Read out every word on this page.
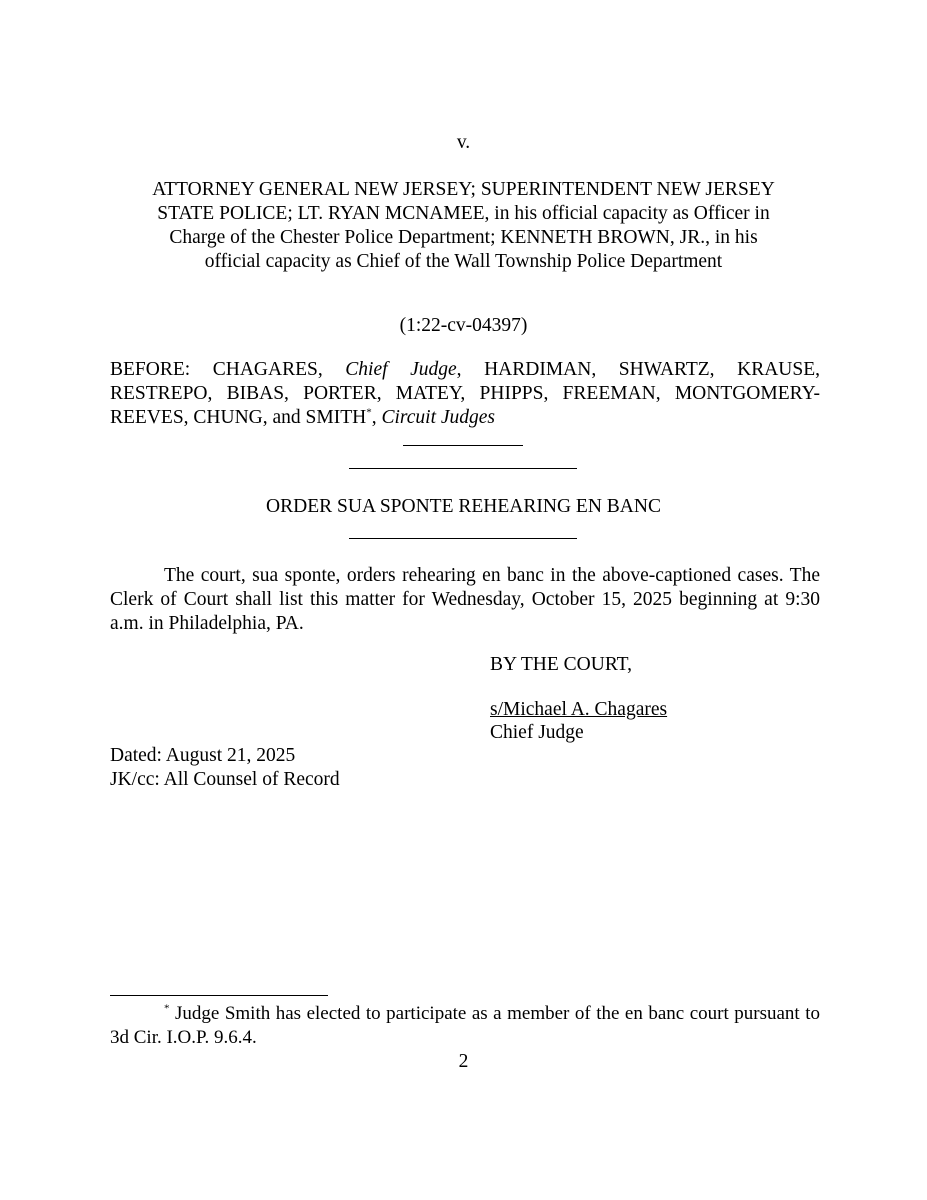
v.
ATTORNEY GENERAL NEW JERSEY; SUPERINTENDENT NEW JERSEY STATE POLICE; LT. RYAN MCNAMEE, in his official capacity as Officer in Charge of the Chester Police Department; KENNETH BROWN, JR., in his official capacity as Chief of the Wall Township Police Department
(1:22-cv-04397)
BEFORE: CHAGARES, Chief Judge, HARDIMAN, SHWARTZ, KRAUSE, RESTREPO, BIBAS, PORTER, MATEY, PHIPPS, FREEMAN, MONTGOMERY-REEVES, CHUNG, and SMITH*, Circuit Judges
ORDER SUA SPONTE REHEARING EN BANC
The court, sua sponte, orders rehearing en banc in the above-captioned cases. The Clerk of Court shall list this matter for Wednesday, October 15, 2025 beginning at 9:30 a.m. in Philadelphia, PA.
BY THE COURT,
s/Michael A. Chagares
Chief Judge
Dated: August 21, 2025
JK/cc: All Counsel of Record
* Judge Smith has elected to participate as a member of the en banc court pursuant to 3d Cir. I.O.P. 9.6.4.
2
